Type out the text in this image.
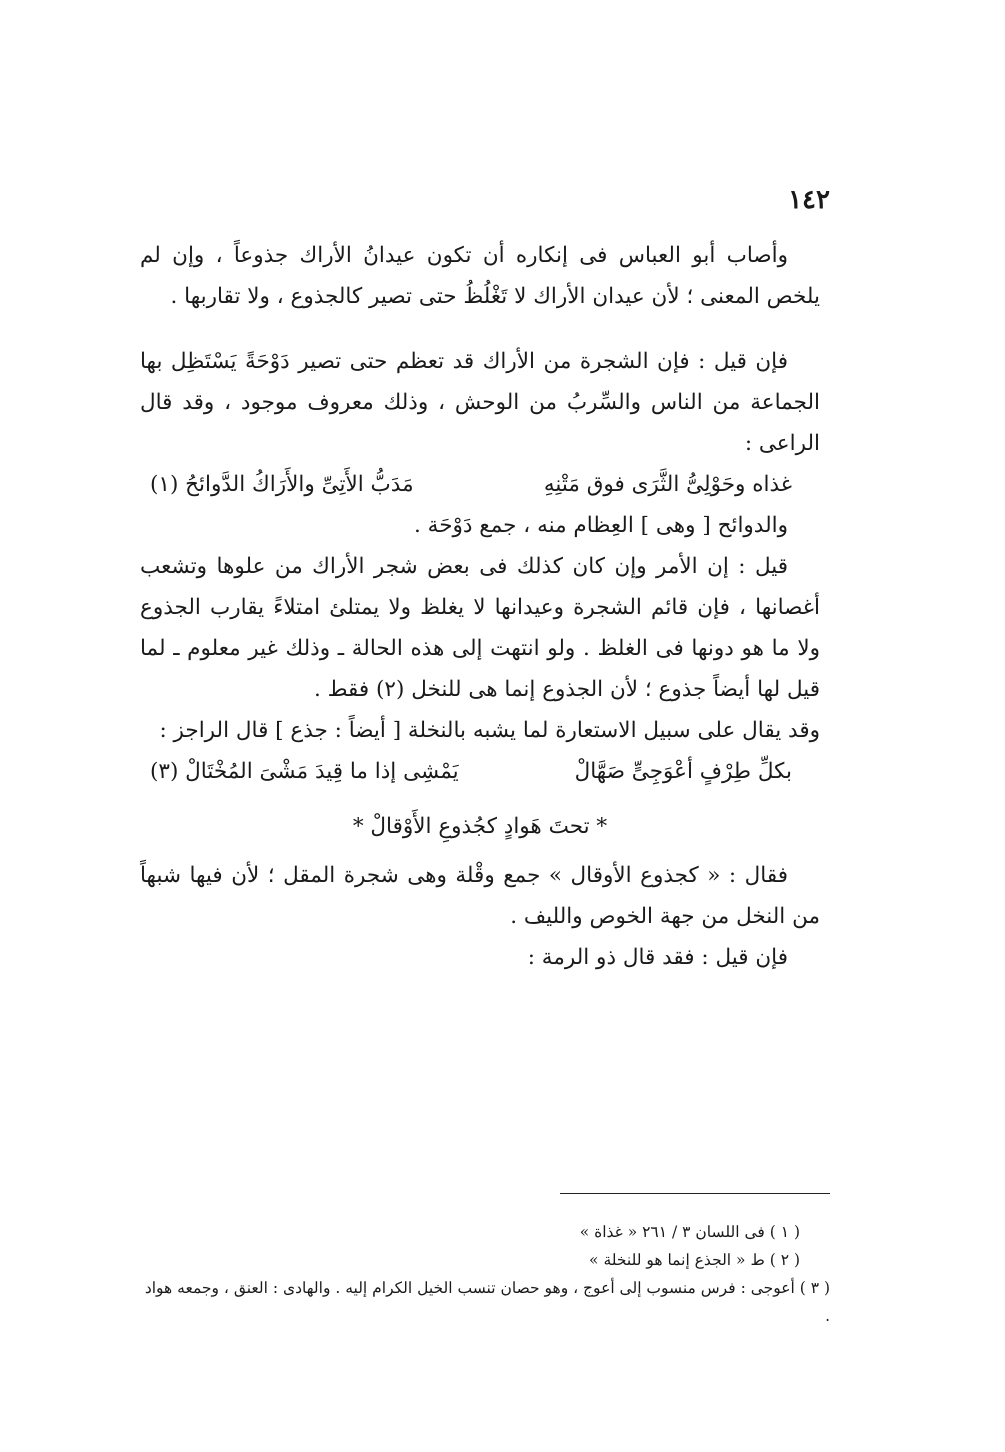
١٤٢

وأصاب أبو العباس فى إنكاره أن تكون عيدانُ الأراك جذوعاً ، وإن لم يلخص المعنى ؛ لأن عيدان الأراك لا تَغْلُظُ حتى تصير كالجذوع ، ولا تقاربها .

فإن قيل : فإن الشجرة من الأراك قد تعظم حتى تصير دَوْحَةً يَسْتَظِل بها الجماعة من الناس والسِّربُ من الوحش ، وذلك معروف موجود ، وقد قال الراعى :

غذاه وحَوْلِىُّ الثَّرَى فوق مَتْنِهِ
مَدَبُّ الأَتِىِّ والأَرَاكُ الدَّوائحُ (١)

والدوائح [ وهى ] العِظام منه ، جمع دَوْحَة .

قيل : إن الأمر وإن كان كذلك فى بعض شجر الأراك من علوها وتشعب أغصانها ، فإن قائم الشجرة وعيدانها لا يغلظ ولا يمتلئ امتلاءً يقارب الجذوع ولا ما هو دونها فى الغلظ . ولو انتهت إلى هذه الحالة ـ وذلك غير معلوم ـ لما قيل لها أيضاً جذوع ؛ لأن الجذوع إنما هى للنخل (٢) فقط .

وقد يقال على سبيل الاستعارة لما يشبه بالنخلة [ أيضاً : جذع ] قال الراجز :

بكلِّ طِرْفٍ أعْوَجِىٍّ صَهَّالْ
يَمْشِى إذا ما قِيدَ مَشْىَ المُخْتَالْ (٣)

* تحتَ هَوادٍ كجُذوعِ الأَوْقالْ *

فقال : « كجذوع الأوقال » جمع وقْلة وهى شجرة المقل ؛ لأن فيها شبهاً من النخل من جهة الخوص والليف .

فإن قيل : فقد قال ذو الرمة :

( ١ ) فى اللسان ٣ / ٢٦١ « غذاة »

( ٢ ) ط « الجذع إنما هو للنخلة »

( ٣ ) أعوجى : فرس منسوب إلى أعوج ، وهو حصان تنسب الخيل الكرام إليه . والهادى : العنق ، وجمعه هواد .
